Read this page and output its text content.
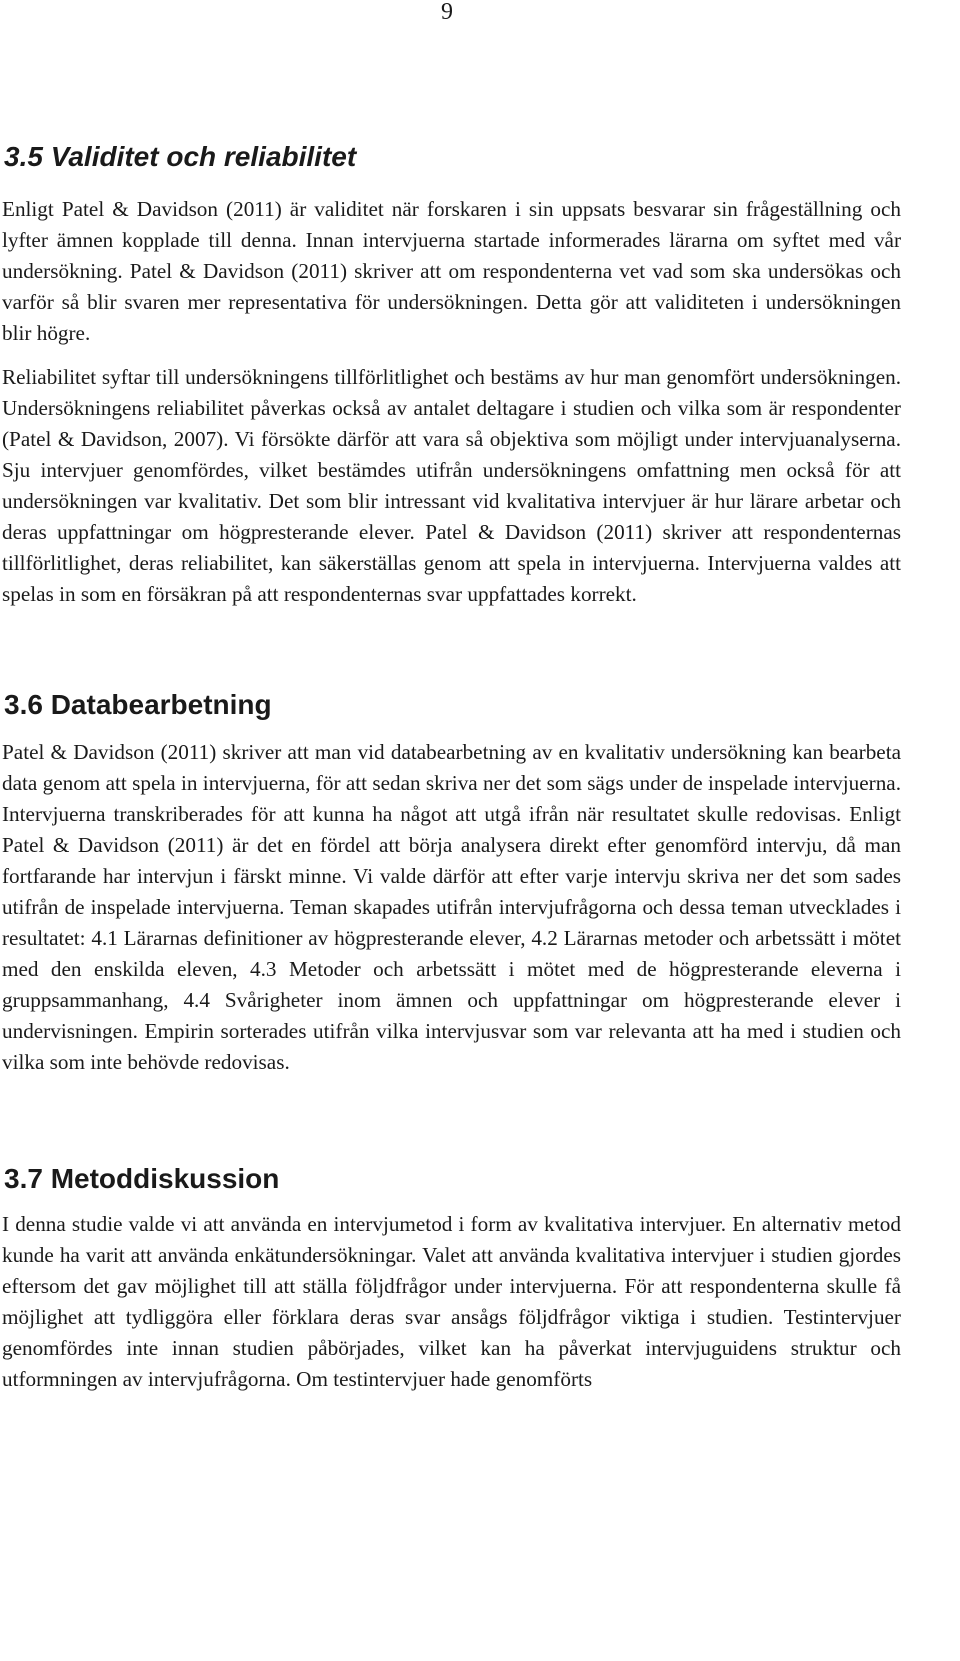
9
3.5 Validitet och reliabilitet

Enligt Patel & Davidson (2011) är validitet när forskaren i sin uppsats besvarar sin frågeställning och lyfter ämnen kopplade till denna. Innan intervjuerna startade informerades lärarna om syftet med vår undersökning. Patel & Davidson (2011) skriver att om respondenterna vet vad som ska undersökas och varför så blir svaren mer representativa för undersökningen. Detta gör att validiteten i undersökningen blir högre.

Reliabilitet syftar till undersökningens tillförlitlighet och bestäms av hur man genomfört undersökningen. Undersökningens reliabilitet påverkas också av antalet deltagare i studien och vilka som är respondenter (Patel & Davidson, 2007). Vi försökte därför att vara så objektiva som möjligt under intervjuanalyserna. Sju intervjuer genomfördes, vilket bestämdes utifrån undersökningens omfattning men också för att undersökningen var kvalitativ. Det som blir intressant vid kvalitativa intervjuer är hur lärare arbetar och deras uppfattningar om högpresterande elever. Patel & Davidson (2011) skriver att respondenternas tillförlitlighet, deras reliabilitet, kan säkerställas genom att spela in intervjuerna. Intervjuerna valdes att spelas in som en försäkran på att respondenternas svar uppfattades korrekt.

3.6 Databearbetning

Patel & Davidson (2011) skriver att man vid databearbetning av en kvalitativ undersökning kan bearbeta data genom att spela in intervjuerna, för att sedan skriva ner det som sägs under de inspelade intervjuerna. Intervjuerna transkriberades för att kunna ha något att utgå ifrån när resultatet skulle redovisas. Enligt Patel & Davidson (2011) är det en fördel att börja analysera direkt efter genomförd intervju, då man fortfarande har intervjun i färskt minne. Vi valde därför att efter varje intervju skriva ner det som sades utifrån de inspelade intervjuerna. Teman skapades utifrån intervjufrågorna och dessa teman utvecklades i resultatet: 4.1 Lärarnas definitioner av högpresterande elever, 4.2 Lärarnas metoder och arbetssätt i mötet med den enskilda eleven, 4.3 Metoder och arbetssätt i mötet med de högpresterande eleverna i gruppsammanhang, 4.4 Svårigheter inom ämnen och uppfattningar om högpresterande elever i undervisningen. Empirin sorterades utifrån vilka intervjusvar som var relevanta att ha med i studien och vilka som inte behövde redovisas.

3.7 Metoddiskussion

I denna studie valde vi att använda en intervjumetod i form av kvalitativa intervjuer. En alternativ metod kunde ha varit att använda enkätundersökningar. Valet att använda kvalitativa intervjuer i studien gjordes eftersom det gav möjlighet till att ställa följdfrågor under intervjuerna. För att respondenterna skulle få möjlighet att tydliggöra eller förklara deras svar ansågs följdfrågor viktiga i studien. Testintervjuer genomfördes inte innan studien påbörjades, vilket kan ha påverkat intervjuguidens struktur och utformningen av intervjufrågorna. Om testintervjuer hade genomförts
